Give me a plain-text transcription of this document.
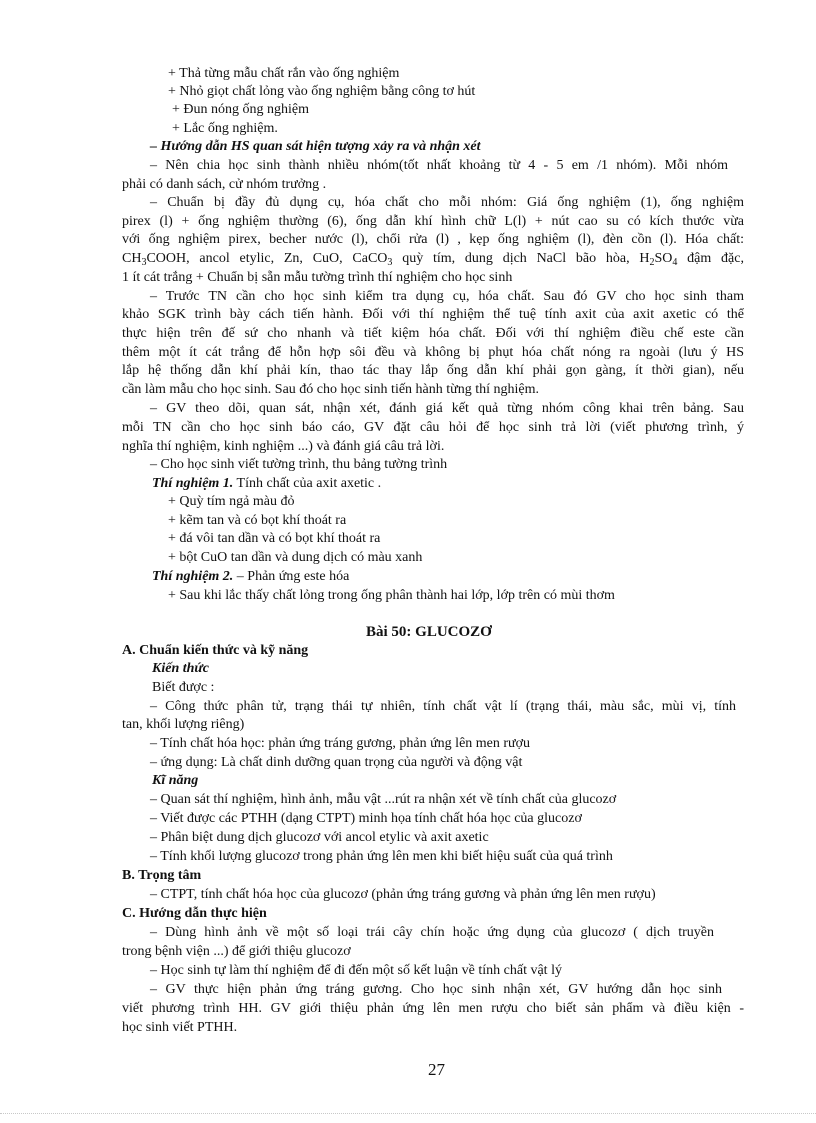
+ Thả từng mẫu chất rắn vào ống nghiệm
+ Nhỏ giọt chất lỏng vào ống nghiệm bằng công tơ hút
+ Đun nóng ống nghiệm
+ Lắc ống nghiệm.
– Hướng dẫn HS quan sát hiện tượng xảy ra và nhận xét
– Nên chia học sinh thành nhiều nhóm(tốt nhất khoảng từ 4 - 5 em /1 nhóm). Mỗi nhóm
phải có danh sách, cử nhóm trưởng .
– Chuẩn bị đầy đủ dụng cụ, hóa chất cho mỗi nhóm: Giá ống nghiệm (1), ống nghiệm
pirex (l) + ống nghiệm thường (6), ống dẫn khí hình chữ L(l) + nút cao su có kích thước vừa
với ống nghiệm pirex, becher nước (l), chổi rửa (l) , kẹp ống nghiệm (l), đèn cồn (l). Hóa chất:
$CH_3COOH$, ancol etylic, Zn, CuO, CaCO$_3$ quỳ tím, dung dịch NaCl bão hòa, $H_2SO_4$ đậm đặc,
1 ít cát trắng + Chuẩn bị sẵn mẫu tường trình thí nghiệm cho học sinh
– Trước TN cần cho học sinh kiểm tra dụng cụ, hóa chất. Sau đó GV cho học sinh tham
khảo SGK trình bày cách tiến hành. Đối với thí nghiệm thể tuệ tính axit của axit axetic có thể
thực hiện trên đế sứ cho nhanh và tiết kiệm hóa chất. Đối với thí nghiệm điều chế este cần
thêm một ít cát trắng để hỗn hợp sôi đều và không bị phụt hóa chất nóng ra ngoài (lưu ý HS
lắp hệ thống dẫn khí phải kín, thao tác thay lắp ống dẫn khí phải gọn gàng, ít thời gian), nếu
cần làm mẫu cho học sinh. Sau đó cho học sinh tiến hành từng thí nghiệm.
– GV theo dõi, quan sát, nhận xét, đánh giá kết quả từng nhóm công khai trên bảng. Sau
mỗi TN cần cho học sinh báo cáo, GV đặt câu hỏi để học sinh trả lời (viết phương trình, ý
nghĩa thí nghiệm, kinh nghiệm ...) và đánh giá câu trả lời.
– Cho học sinh viết tường trình, thu bảng tường trình
Thí nghiệm 1. Tính chất của axit axetic .
+ Quỳ tím ngả màu đỏ
+ kẽm tan và có bọt khí thoát ra
+ đá vôi tan dần và có bọt khí thoát ra
+ bột CuO tan dần và dung dịch có màu xanh
Thí nghiệm 2. – Phản ứng este hóa
+ Sau khi lắc thấy chất lỏng trong ống phân thành hai lớp, lớp trên có mùi thơm
Bài 50: GLUCOZƠ
A. Chuẩn kiến thức và kỹ năng
Kiến thức
Biết được :
– Công thức phân tử, trạng thái tự nhiên, tính chất vật lí (trạng thái, màu sắc, mùi vị, tính
tan, khối lượng riêng)
– Tính chất hóa học: phản ứng tráng gương, phản ứng lên men rượu
– ứng dụng: Là chất dinh dưỡng quan trọng của người và động vật
Kĩ năng
– Quan sát thí nghiệm, hình ảnh, mẫu vật ...rút ra nhận xét về tính chất của glucozơ
– Viết được các PTHH (dạng CTPT) minh họa tính chất hóa học của glucozơ
– Phân biệt dung dịch glucozơ với ancol etylic và axit axetic
– Tính khối lượng glucozơ trong phản ứng lên men khi biết hiệu suất của quá trình
B. Trọng tâm
– CTPT, tính chất hóa học của glucozơ (phản ứng tráng gương và phản ứng lên men rượu)
C. Hướng dẫn thực hiện
– Dùng hình ảnh về một số loại trái cây chín hoặc ứng dụng của glucozơ ( dịch truyền
trong bệnh viện ...) để giới thiệu glucozơ
– Học sinh tự làm thí nghiệm để đi đến một số kết luận về tính chất vật lý
– GV thực hiện phản ứng tráng gương. Cho học sinh nhận xét, GV hướng dẫn học sinh
viết phương trình HH. GV giới thiệu phản ứng lên men rượu cho biết sản phẩm và điều kiện -
học sinh viết PTHH.
27
